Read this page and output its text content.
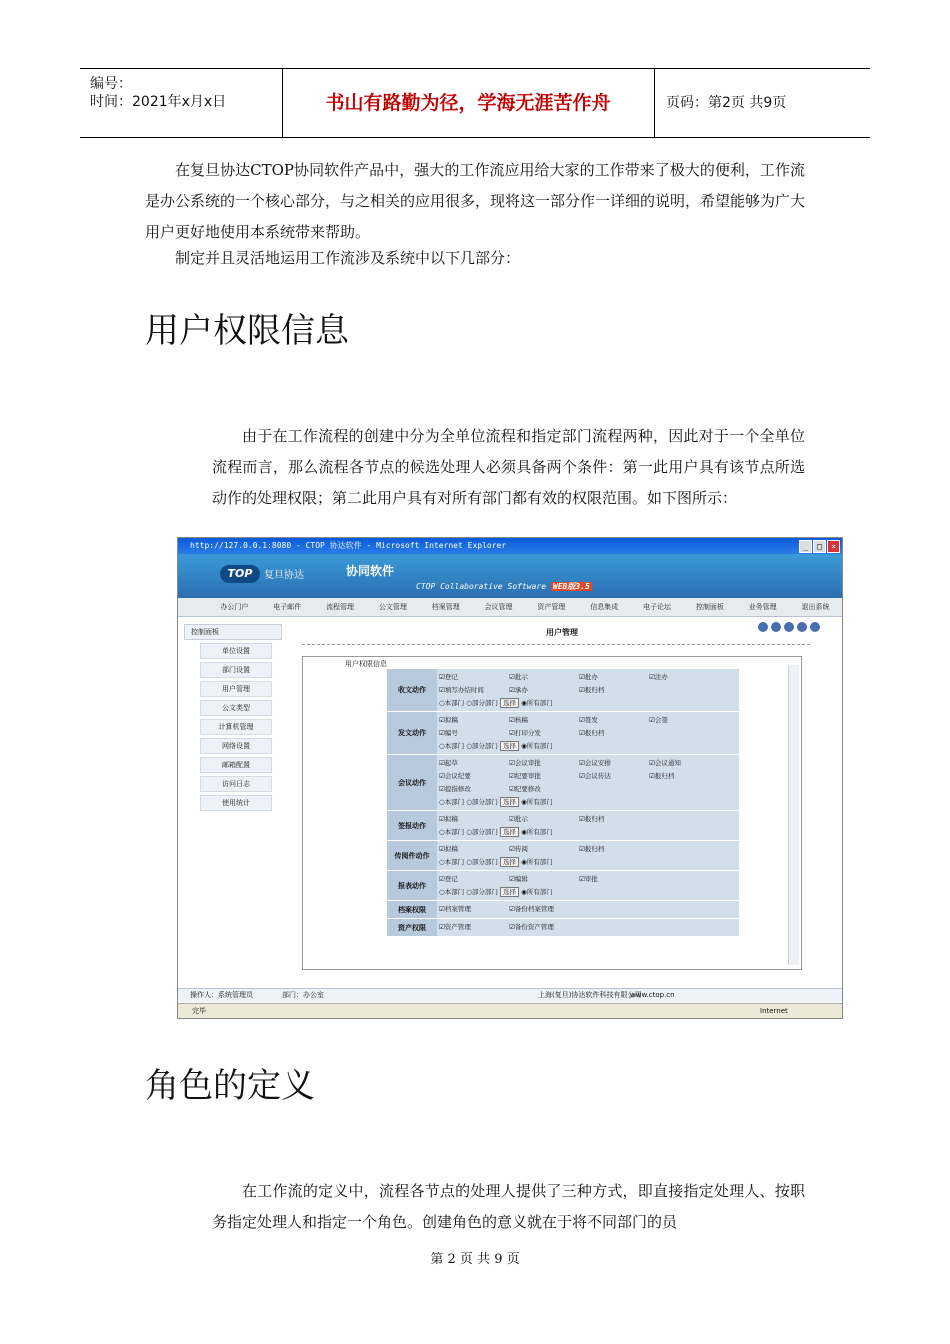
编号：
时间：2021年x月x日	书山有路勤为径，学海无涯苦作舟	页码：第2页 共9页
在复旦协达CTOP协同软件产品中，强大的工作流应用给大家的工作带来了极大的便利，工作流是办公系统的一个核心部分，与之相关的应用很多，现将这一部分作一详细的说明，希望能够为广大用户更好地使用本系统带来帮助。
制定并且灵活地运用工作流涉及系统中以下几部分：
用户权限信息
由于在工作流程的创建中分为全单位流程和指定部门流程两种，因此对于一个全单位流程而言，那么流程各节点的候选处理人必须具备两个条件：第一此用户具有该节点所选动作的处理权限；第二此用户具有对所有部门都有效的权限范围。如下图所示：
http://127.0.0.1:8080 - CTOP 协达软件 - Microsoft Internet Explorer	_	□	×
TOP	复旦协达	协同软件
CTOP Collaborative Software WEB版3.5
办公门户	电子邮件	流程管理	公文管理	档案管理	会议管理	资产管理	信息集成	电子论坛	控制面板	业务管理	退出系统
控制面板
单位设置
部门设置
用户管理
公文类型
计算机管理
网络设置
邮箱配置
访问日志
使用统计
用户管理
用户权限信息
收文动作
☑登记	☑批示	☑批办	☑注办
☑填写办结时间	☑承办	☑报归档
○本部门 ○部分部门 选择 ◉所有部门
发文动作
☑拟稿	☑核稿	☑签发	☑会签
☑编号	☑打印分发	☑报归档
○本部门 ○部分部门 选择 ◉所有部门
会议动作
☑起草	☑会议审批	☑会议安排	☑会议通知
☑会议纪要	☑纪要审批	☑会议传达	☑报归档
☑提指修改	☑纪要修改
○本部门 ○部分部门 选择 ◉所有部门
签报动作
☑拟稿	☑批示	☑报归档
○本部门 ○部分部门 选择 ◉所有部门
传阅件动作
☑拟稿	☑传阅	☑报归档
○本部门 ○部分部门 选择 ◉所有部门
报表动作
☑登记	☑编辑	☑审批
○本部门 ○部分部门 选择 ◉所有部门
档案权限	☑档案管理	☑备份档案管理
资产权限	☑资产管理	☑备份资产管理
操作人：系统管理员	部门：办公室	上海(复旦)协达软件科技有限公司
www.ctop.cn
完毕	Internet
角色的定义
在工作流的定义中，流程各节点的处理人提供了三种方式，即直接指定处理人、按职务指定处理人和指定一个角色。创建角色的意义就在于将不同部门的员
第 2 页 共 9 页
